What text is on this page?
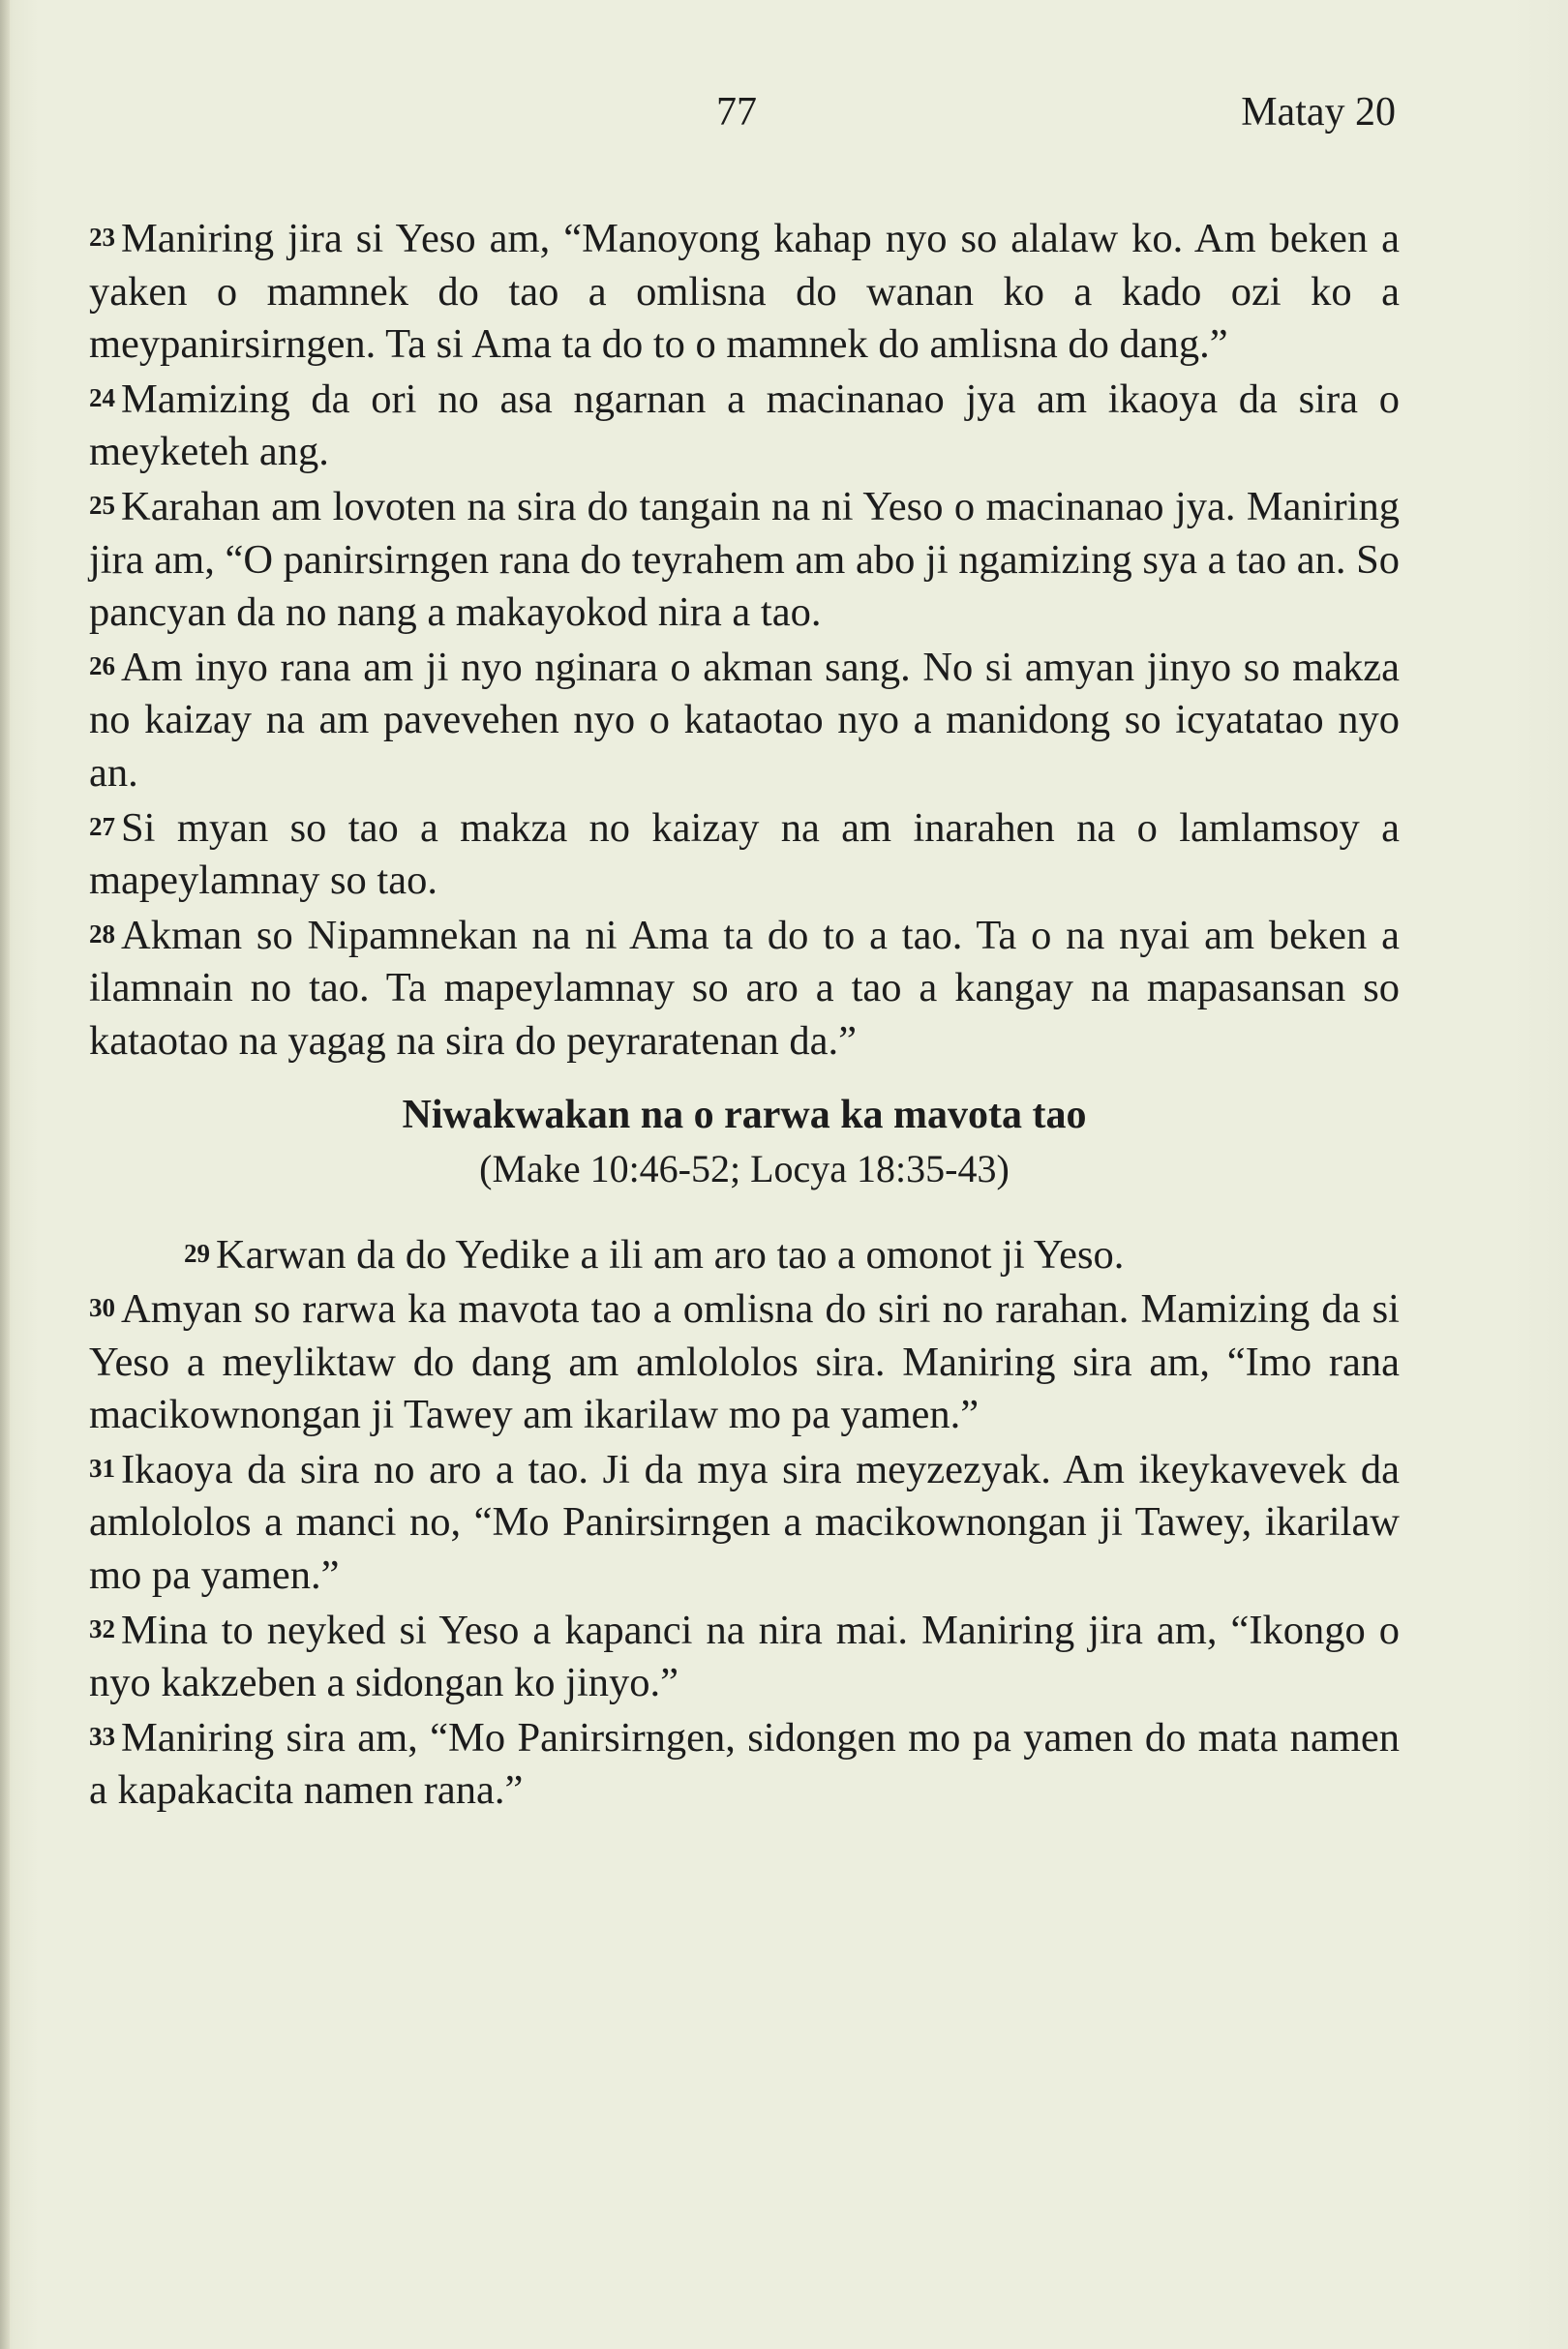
77	Matay 20

23 Maniring jira si Yeso am, “Manoyong kahap nyo so alalaw ko. Am beken a yaken o mamnek do tao a omlisna do wanan ko a kado ozi ko a meypanirsirngen. Ta si Ama ta do to o mamnek do amlisna do dang.”

24 Mamizing da ori no asa ngarnan a macinanao jya am ikaoya da sira o meyketeh ang.

25 Karahan am lovoten na sira do tangain na ni Yeso o macinanao jya. Maniring jira am, “O panirsirngen rana do teyrahem am abo ji ngamizing sya a tao an. So pancyan da no nang a makayokod nira a tao.

26 Am inyo rana am ji nyo nginara o akman sang. No si amyan jinyo so makza no kaizay na am pavevehen nyo o kataotao nyo a manidong so icyatatao nyo an.

27 Si myan so tao a makza no kaizay na am inarahen na o lamlamsoy a mapeylamnay so tao.

28 Akman so Nipamnekan na ni Ama ta do to a tao. Ta o na nyai am beken a ilamnain no tao. Ta mapeylamnay so aro a tao a kangay na mapasansan so kataotao na yagag na sira do peyraratenan da.”

Niwakwakan na o rarwa ka mavota tao
(Make 10:46-52; Locya 18:35-43)

29 Karwan da do Yedike a ili am aro tao a omonot ji Yeso.

30 Amyan so rarwa ka mavota tao a omlisna do siri no rarahan. Mamizing da si Yeso a meyliktaw do dang am amlololos sira. Maniring sira am, “Imo rana macikownongan ji Tawey am ikarilaw mo pa yamen.”

31 Ikaoya da sira no aro a tao. Ji da mya sira meyzezyak. Am ikeykavevek da amlololos a manci no, “Mo Panirsirngen a macikownongan ji Tawey, ikarilaw mo pa yamen.”

32 Mina to neyked si Yeso a kapanci na nira mai. Maniring jira am, “Ikongo o nyo kakzeben a sidongan ko jinyo.”

33 Maniring sira am, “Mo Panirsirngen, sidongen mo pa yamen do mata namen a kapakacita namen rana.”
